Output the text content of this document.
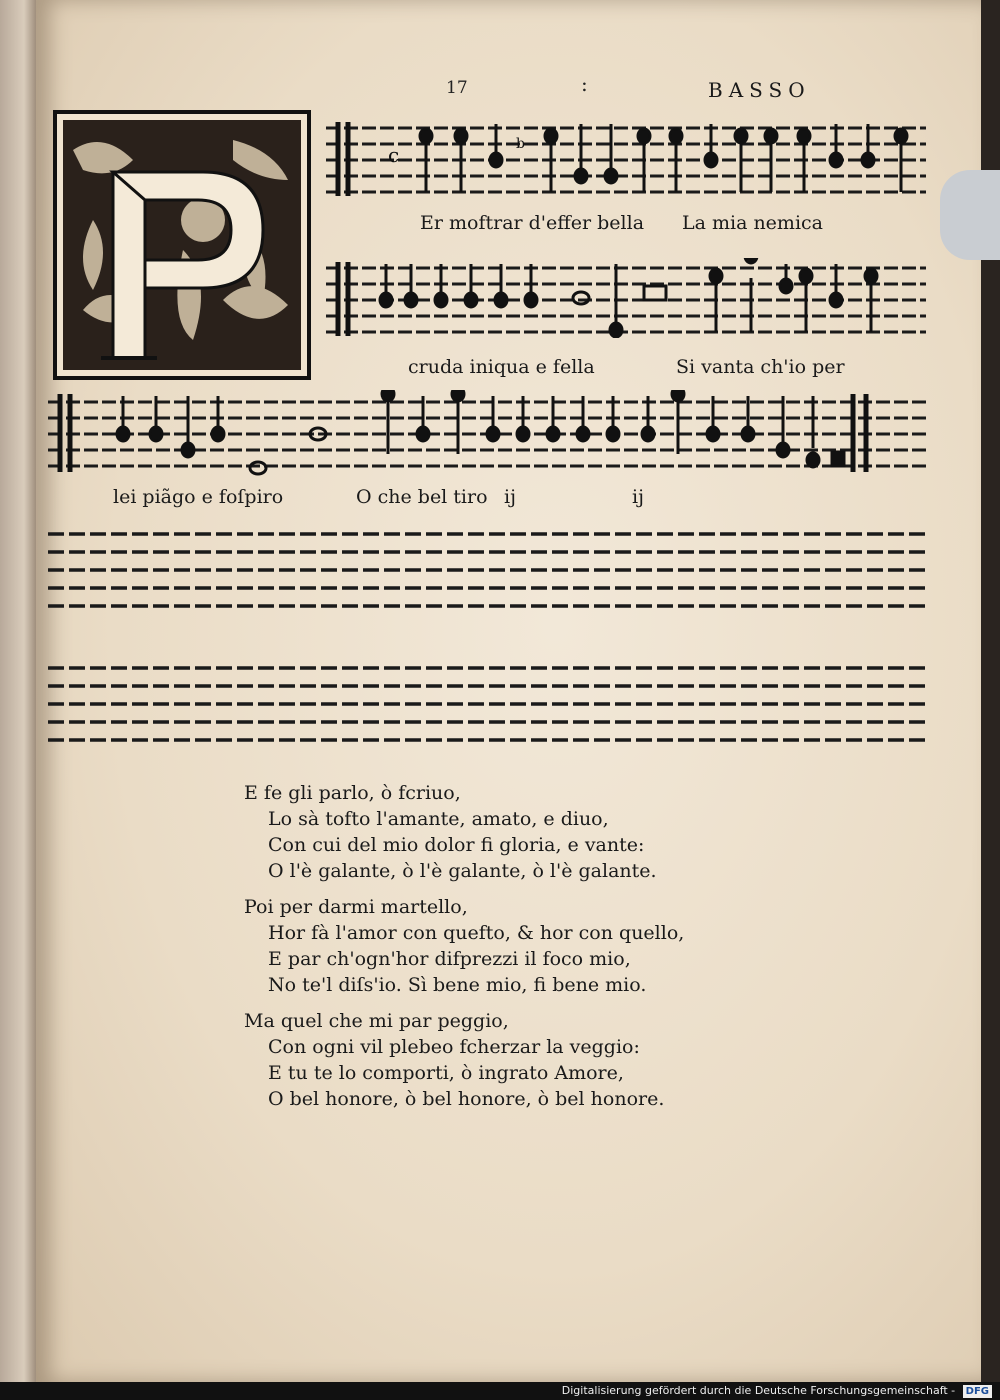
17	:	BASSO
c	b
Er moftrar d'effer bella La mia nemica
cruda iniqua e fella	Si vanta ch'io per
lei piãgo e foſpiro	O che bel tiro ij	ij
E fe gli parlo, ò fcriuo,
Lo sà tofto l'amante, amato, e diuo,
Con cui del mio dolor fi gloria, e vante:
O l'è galante, ò l'è galante, ò l'è galante.
Poi per darmi martello,
Hor fà l'amor con quefto, & hor con quello,
E par ch'ogn'hor difprezzi il foco mio,
No te'l diſs'io. Sì bene mio, fi bene mio.
Ma quel che mi par peggio,
Con ogni vil plebeo fcherzar la veggio:
E tu te lo comporti, ò ingrato Amore,
O bel honore, ò bel honore, ò bel honore.
Digitalisierung gefördert durch die Deutsche Forschungsgemeinschaft - DFG
